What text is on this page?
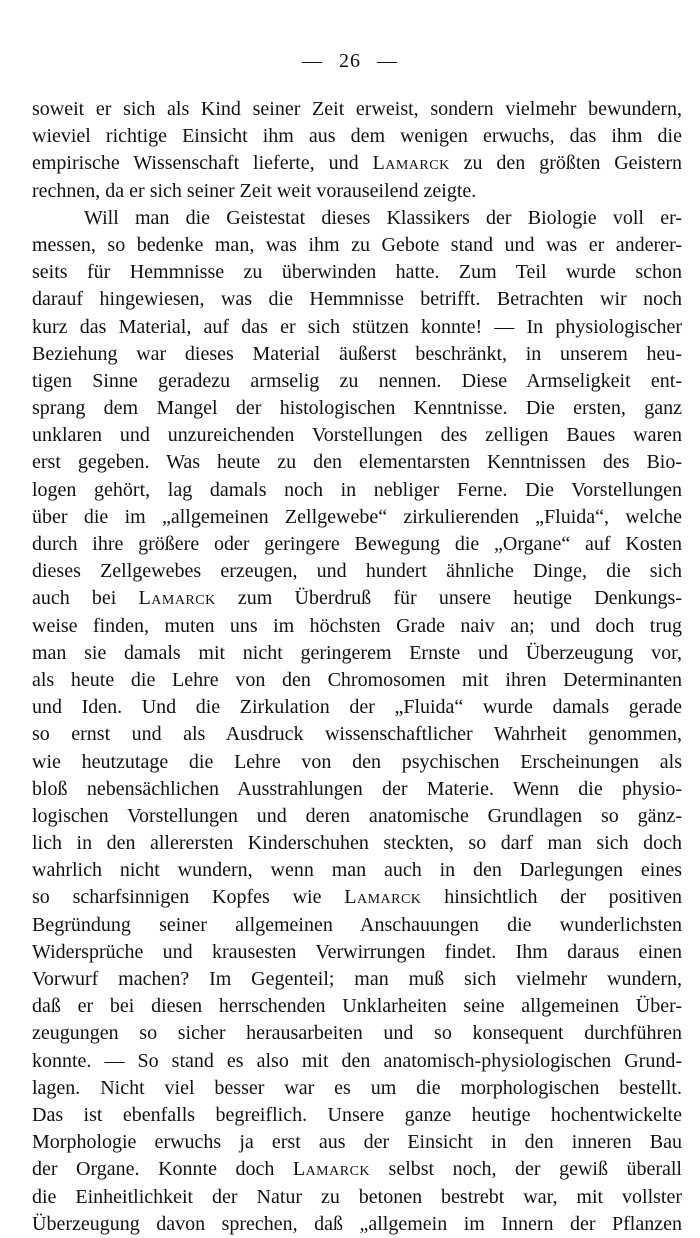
— 26 —
soweit er sich als Kind seiner Zeit erweist, sondern vielmehr bewundern,
wieviel richtige Einsicht ihm aus dem wenigen erwuchs, das ihm die
empirische Wissenschaft lieferte, und Lamarck zu den größten Geistern
rechnen, da er sich seiner Zeit weit vorauseilend zeigte.
Will man die Geistestat dieses Klassikers der Biologie voll er-
messen, so bedenke man, was ihm zu Gebote stand und was er anderer-
seits für Hemmnisse zu überwinden hatte. Zum Teil wurde schon
darauf hingewiesen, was die Hemmnisse betrifft. Betrachten wir noch
kurz das Material, auf das er sich stützen konnte! — In physiologischer
Beziehung war dieses Material äußerst beschränkt, in unserem heu-
tigen Sinne geradezu armselig zu nennen. Diese Armseligkeit ent-
sprang dem Mangel der histologischen Kenntnisse. Die ersten, ganz
unklaren und unzureichenden Vorstellungen des zelligen Baues waren
erst gegeben. Was heute zu den elementarsten Kenntnissen des Bio-
logen gehört, lag damals noch in nebliger Ferne. Die Vorstellungen
über die im „allgemeinen Zellgewebe“ zirkulierenden „Fluida“, welche
durch ihre größere oder geringere Bewegung die „Organe“ auf Kosten
dieses Zellgewebes erzeugen, und hundert ähnliche Dinge, die sich
auch bei Lamarck zum Überdruß für unsere heutige Denkungs-
weise finden, muten uns im höchsten Grade naiv an; und doch trug
man sie damals mit nicht geringerem Ernste und Überzeugung vor,
als heute die Lehre von den Chromosomen mit ihren Determinanten
und Iden. Und die Zirkulation der „Fluida“ wurde damals gerade
so ernst und als Ausdruck wissenschaftlicher Wahrheit genommen,
wie heutzutage die Lehre von den psychischen Erscheinungen als
bloß nebensächlichen Ausstrahlungen der Materie. Wenn die physio-
logischen Vorstellungen und deren anatomische Grundlagen so gänz-
lich in den allerersten Kinderschuhen steckten, so darf man sich doch
wahrlich nicht wundern, wenn man auch in den Darlegungen eines
so scharfsinnigen Kopfes wie Lamarck hinsichtlich der positiven
Begründung seiner allgemeinen Anschauungen die wunderlichsten
Widersprüche und krausesten Verwirrungen findet. Ihm daraus einen
Vorwurf machen? Im Gegenteil; man muß sich vielmehr wundern,
daß er bei diesen herrschenden Unklarheiten seine allgemeinen Über-
zeugungen so sicher herausarbeiten und so konsequent durchführen
konnte. — So stand es also mit den anatomisch-physiologischen Grund-
lagen. Nicht viel besser war es um die morphologischen bestellt.
Das ist ebenfalls begreiflich. Unsere ganze heutige hochentwickelte
Morphologie erwuchs ja erst aus der Einsicht in den inneren Bau
der Organe. Konnte doch Lamarck selbst noch, der gewiß überall
die Einheitlichkeit der Natur zu betonen bestrebt war, mit vollster
Überzeugung davon sprechen, daß „allgemein im Innern der Pflanzen
